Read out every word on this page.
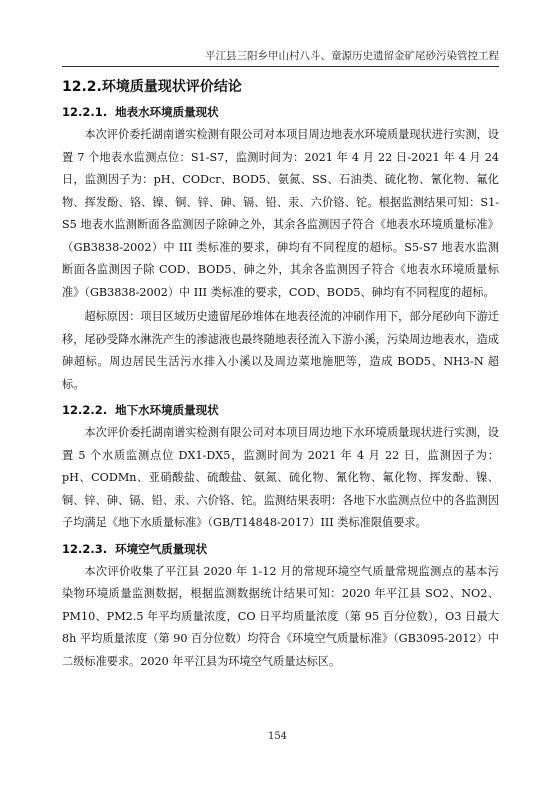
平江县三阳乡甲山村八斗、童源历史遗留金矿尾砂污染管控工程
12.2.环境质量现状评价结论
12.2.1. 地表水环境质量现状

本次评价委托湖南谱实检测有限公司对本项目周边地表水环境质量现状进行实测，设置 7 个地表水监测点位：S1-S7，监测时间为：2021 年 4 月 22 日-2021 年 4 月 24 日，监测因子为：pH、CODcr、BOD5、氨氮、SS、石油类、硫化物、氰化物、氟化物、挥发酚、铬、镍、铜、锌、砷、镉、铅、汞、六价铬、铊。根据监测结果可知：S1-S5 地表水监测断面各监测因子除砷之外，其余各监测因子符合《地表水环境质量标准》（GB3838-2002）中 III 类标准的要求，砷均有不同程度的超标。S5-S7 地表水监测断面各监测因子除 COD、BOD5、砷之外，其余各监测因子符合《地表水环境质量标准》（GB3838-2002）中 III 类标准的要求，COD、BOD5、砷均有不同程度的超标。

超标原因：项目区域历史遗留尾砂堆体在地表径流的冲刷作用下，部分尾砂向下游迁移，尾砂受降水淋洗产生的渗滤液也最终随地表径流入下游小溪，污染周边地表水，造成砷超标。周边居民生活污水排入小溪以及周边菜地施肥等，造成 BOD5、NH3-N 超标。

12.2.2. 地下水环境质量现状

本次评价委托湖南谱实检测有限公司对本项目周边地下水环境质量现状进行实测，设置 5 个水质监测点位 DX1-DX5，监测时间为 2021 年 4 月 22 日，监测因子为：pH、CODMn、亚硝酸盐、硫酸盐、氨氮、硫化物、氰化物、氟化物、挥发酚、镍、铜、锌、砷、镉、铅、汞、六价铬、铊。监测结果表明：各地下水监测点位中的各监测因子均满足《地下水质量标准》（GB/T14848-2017）III 类标准限值要求。

12.2.3. 环境空气质量现状

本次评价收集了平江县 2020 年 1-12 月的常规环境空气质量常规监测点的基本污染物环境质量监测数据，根据监测数据统计结果可知：2020 年平江县 SO2、NO2、PM10、PM2.5 年平均质量浓度，CO 日平均质量浓度（第 95 百分位数），O3 日最大 8h 平均质量浓度（第 90 百分位数）均符合《环境空气质量标准》（GB3095-2012）中二级标准要求。2020 年平江县为环境空气质量达标区。

154
